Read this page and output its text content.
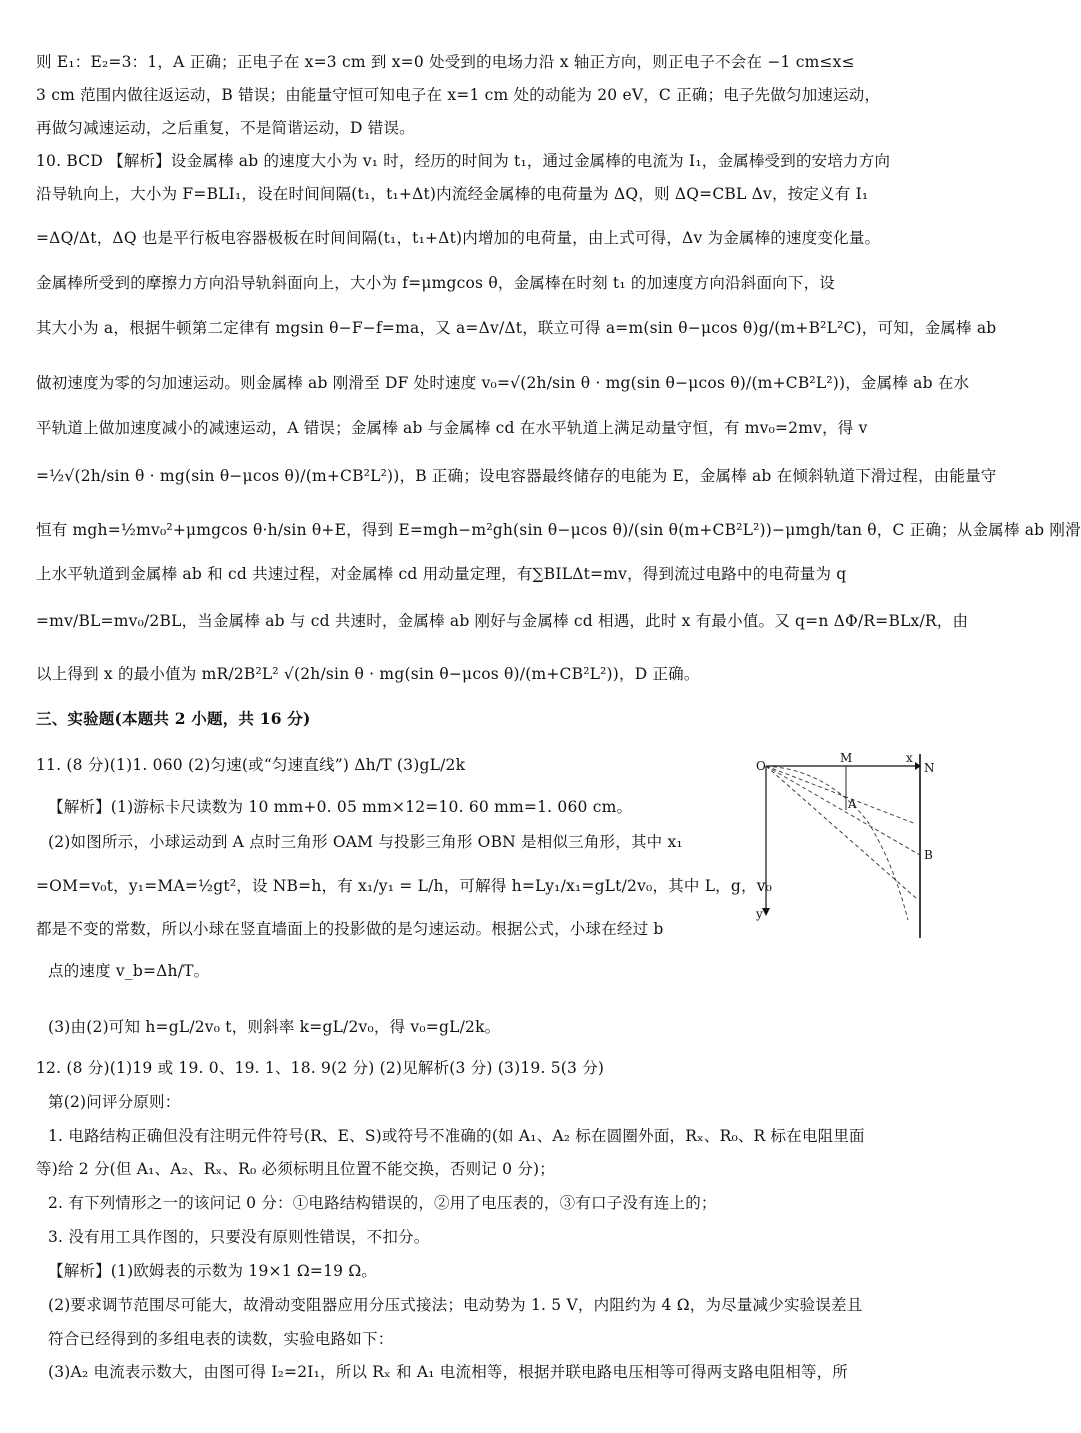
则 E₁：E₂=3：1，A 正确；正电子在 x=3 cm 到 x=0 处受到的电场力沿 x 轴正方向，则正电子不会在 −1 cm≤x≤
3 cm 范围内做往返运动，B 错误；由能量守恒可知电子在 x=1 cm 处的动能为 20 eV，C 正确；电子先做匀加速运动，
再做匀减速运动，之后重复，不是简谐运动，D 错误。
10. BCD 【解析】设金属棒 ab 的速度大小为 v₁ 时，经历的时间为 t₁，通过金属棒的电流为 I₁，金属棒受到的安培力方向
沿导轨向上，大小为 F=BLI₁，设在时间间隔(t₁，t₁+Δt)内流经金属棒的电荷量为 ΔQ，则 ΔQ=CBL Δv，按定义有 I₁
=ΔQ/Δt，ΔQ 也是平行板电容器极板在时间间隔(t₁，t₁+Δt)内增加的电荷量，由上式可得，Δv 为金属棒的速度变化量。
金属棒所受到的摩擦力方向沿导轨斜面向上，大小为 f=μmgcos θ，金属棒在时刻 t₁ 的加速度方向沿斜面向下，设
其大小为 a，根据牛顿第二定律有 mgsin θ−F−f=ma，又 a=Δv/Δt，联立可得 a=m(sin θ−μcos θ)g/(m+B²L²C)，可知，金属棒 ab
做初速度为零的匀加速运动。则金属棒 ab 刚滑至 DF 处时速度 v₀=√(2h/sin θ · mg(sin θ−μcos θ)/(m+CB²L²))，金属棒 ab 在水
平轨道上做加速度减小的减速运动，A 错误；金属棒 ab 与金属棒 cd 在水平轨道上满足动量守恒，有 mv₀=2mv，得 v
=½√(2h/sin θ · mg(sin θ−μcos θ)/(m+CB²L²))，B 正确；设电容器最终储存的电能为 E，金属棒 ab 在倾斜轨道下滑过程，由能量守
恒有 mgh=½mv₀²+μmgcos θ·h/sin θ+E，得到 E=mgh−m²gh(sin θ−μcos θ)/(sin θ(m+CB²L²))−μmgh/tan θ，C 正确；从金属棒 ab 刚滑
上水平轨道到金属棒 ab 和 cd 共速过程，对金属棒 cd 用动量定理，有∑BILΔt=mv，得到流过电路中的电荷量为 q
=mv/BL=mv₀/2BL，当金属棒 ab 与 cd 共速时，金属棒 ab 刚好与金属棒 cd 相遇，此时 x 有最小值。又 q=n ΔΦ/R=BLx/R，由
以上得到 x 的最小值为 mR/2B²L² √(2h/sin θ · mg(sin θ−μcos θ)/(m+CB²L²))，D 正确。
三、实验题(本题共 2 小题，共 16 分)
11. (8 分)(1)1. 060 (2)匀速(或“匀速直线”) Δh/T (3)gL/2k
【解析】(1)游标卡尺读数为 10 mm+0. 05 mm×12=10. 60 mm=1. 060 cm。
(2)如图所示，小球运动到 A 点时三角形 OAM 与投影三角形 OBN 是相似三角形，其中 x₁
=OM=v₀t，y₁=MA=½gt²，设 NB=h，有 x₁/y₁ = L/h，可解得 h=Ly₁/x₁=gLt/2v₀，其中 L，g，v₀
都是不变的常数，所以小球在竖直墙面上的投影做的是匀速运动。根据公式，小球在经过 b
点的速度 v_b=Δh/T。
(3)由(2)可知 h=gL/2v₀ t，则斜率 k=gL/2v₀，得 v₀=gL/2k。
12. (8 分)(1)19 或 19. 0、19. 1、18. 9(2 分) (2)见解析(3 分) (3)19. 5(3 分)
第(2)问评分原则：
1. 电路结构正确但没有注明元件符号(R、E、S)或符号不准确的(如 A₁、A₂ 标在圆圈外面，Rₓ、R₀、R 标在电阻里面
等)给 2 分(但 A₁、A₂、Rₓ、R₀ 必须标明且位置不能交换，否则记 0 分)；
2. 有下列情形之一的该问记 0 分：①电路结构错误的，②用了电压表的，③有口子没有连上的；
3. 没有用工具作图的，只要没有原则性错误，不扣分。
【解析】(1)欧姆表的示数为 19×1 Ω=19 Ω。
(2)要求调节范围尽可能大，故滑动变阻器应用分压式接法；电动势为 1. 5 V，内阻约为 4 Ω，为尽量减少实验误差且
符合已经得到的多组电表的读数，实验电路如下：
(3)A₂ 电流表示数大，由图可得 I₂=2I₁，所以 Rₓ 和 A₁ 电流相等，根据并联电路电压相等可得两支路电阻相等，所
O
M	x
N
A
B
y
